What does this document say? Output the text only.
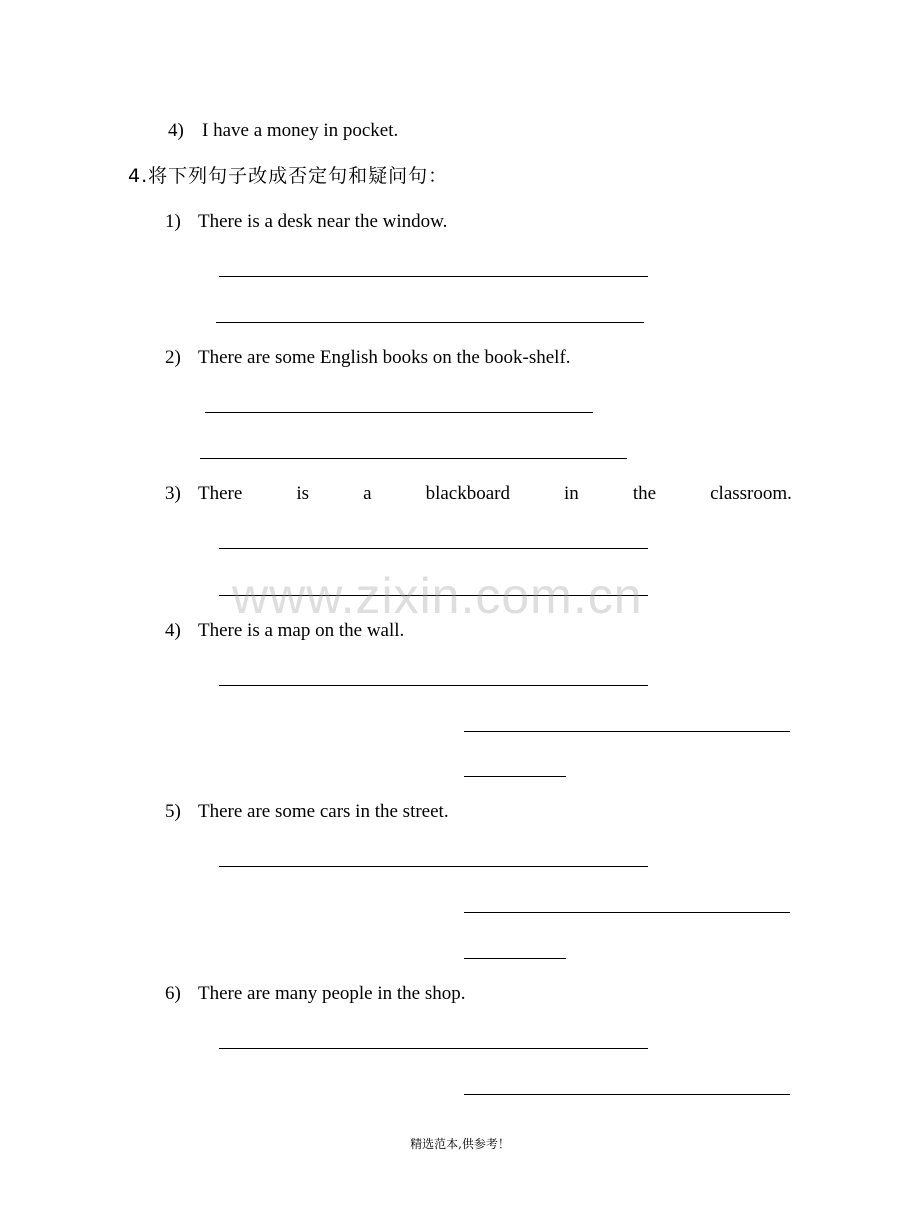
4) I have a money in pocket.
4.将下列句子改成否定句和疑问句：
1) There is a desk near the window.
2) There are some English books on the book-shelf.
3) There	is	a	blackboard	in	the	classroom.
4) There is a map on the wall.
5) There are some cars in the street.
6) There are many people in the shop.
www.zixin.com.cn
精选范本,供参考！
